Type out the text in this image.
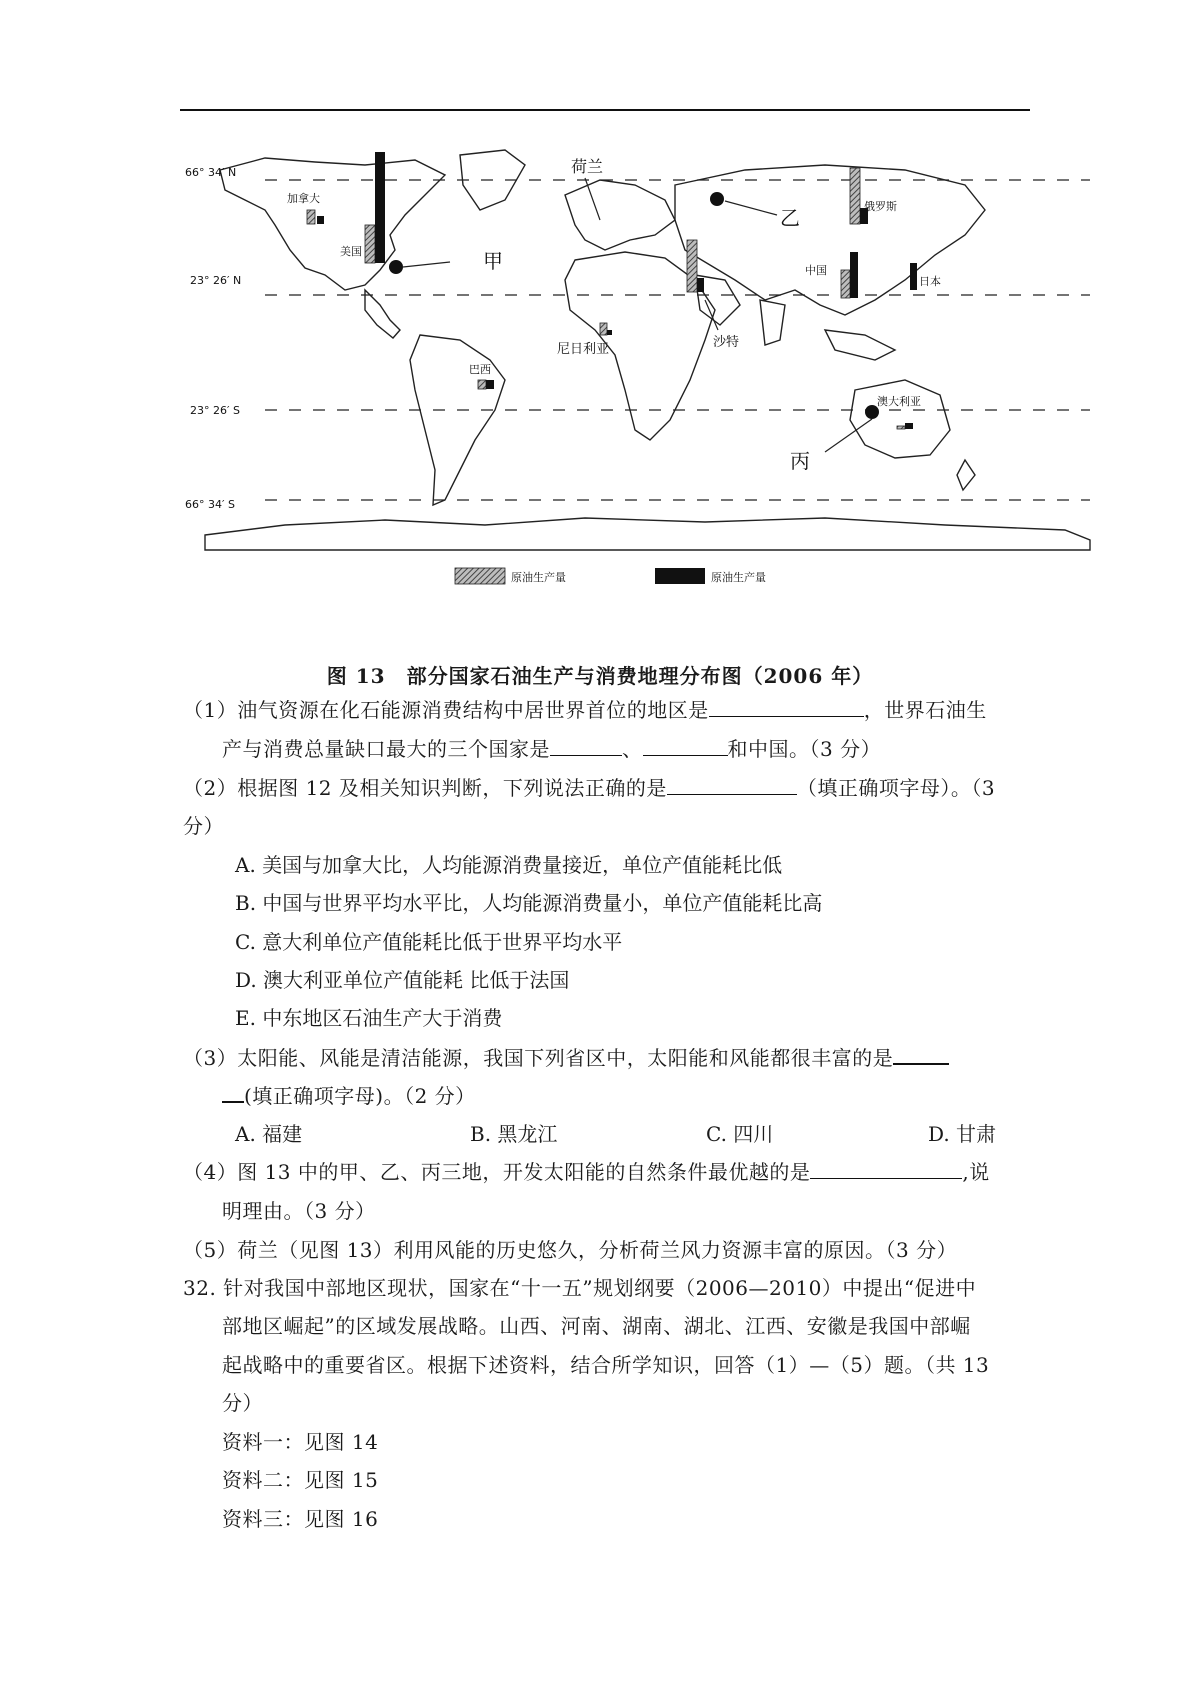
66° 34′ N
23° 26′ N
23° 26′ S
66° 34′ S
加拿大
美国
荷兰
俄罗斯
中国
日本
沙特
尼日利亚
巴西
澳大利亚
甲
乙
丙
原油生产量	原油生产量
图 13　部分国家石油生产与消费地理分布图（2006 年）
（1）油气资源在化石能源消费结构中居世界首位的地区是	，世界石油生
产与消费总量缺口最大的三个国家是	、	和中国。（3 分）
（2）根据图 12 及相关知识判断，下列说法正确的是	（填正确项字母）。（3
分）
A. 美国与加拿大比，人均能源消费量接近，单位产值能耗比低
B. 中国与世界平均水平比，人均能源消费量小，单位产值能耗比高
C. 意大利单位产值能耗比低于世界平均水平
D. 澳大利亚单位产值能耗 比低于法国
E. 中东地区石油生产大于消费
（3）太阳能、风能是清洁能源，我国下列省区中，太阳能和风能都很丰富的是
(填正确项字母)。（2 分）
A. 福建	B. 黑龙江	C. 四川	D. 甘肃
（4）图 13 中的甲、乙、丙三地，开发太阳能的自然条件最优越的是	,说
明理由。（3 分）
（5）荷兰（见图 13）利用风能的历史悠久，分析荷兰风力资源丰富的原因。（3 分）
32. 针对我国中部地区现状，国家在“十一五”规划纲要（2006—2010）中提出“促进中
部地区崛起”的区域发展战略。山西、河南、湖南、湖北、江西、安徽是我国中部崛
起战略中的重要省区。根据下述资料，结合所学知识，回答（1）—（5）题。（共 13
分）
资料一：见图 14
资料二：见图 15
资料三：见图 16
